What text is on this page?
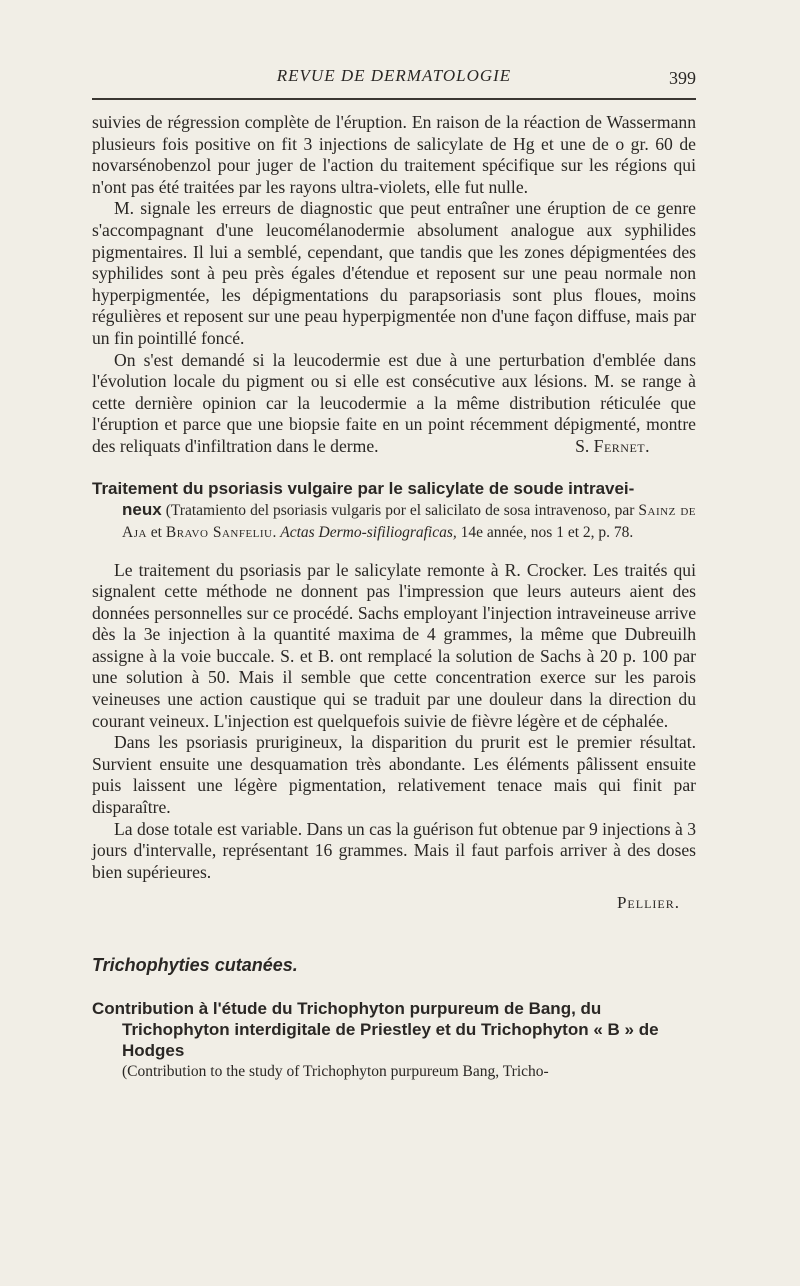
REVUE DE DERMATOLOGIE	399

suivies de régression complète de l'éruption. En raison de la réaction de Wassermann plusieurs fois positive on fit 3 injections de salicylate de Hg et une de o gr. 60 de novarsénobenzol pour juger de l'action du traitement spécifique sur les régions qui n'ont pas été traitées par les rayons ultra-violets, elle fut nulle.

M. signale les erreurs de diagnostic que peut entraîner une éruption de ce genre s'accompagnant d'une leucomélanodermie absolument analogue aux syphilides pigmentaires. Il lui a semblé, cependant, que tandis que les zones dépigmentées des syphilides sont à peu près égales d'étendue et reposent sur une peau normale non hyperpigmentée, les dépigmentations du parapsoriasis sont plus floues, moins régulières et reposent sur une peau hyperpigmentée non d'une façon diffuse, mais par un fin pointillé foncé.

On s'est demandé si la leucodermie est due à une perturbation d'emblée dans l'évolution locale du pigment ou si elle est consécutive aux lésions. M. se range à cette dernière opinion car la leucodermie a la même distribution réticulée que l'éruption et parce que une biopsie faite en un point récemment dépigmenté, montre des reliquats d'infiltration dans le derme.	S. Fernet.

Traitement du psoriasis vulgaire par le salicylate de soude intravei-
neux (Tratamiento del psoriasis vulgaris por el salicilato de sosa intravenoso, par Sainz de Aja et Bravo Sanfeliu. Actas Dermo-sifiliograficas, 14e année, nos 1 et 2, p. 78.

Le traitement du psoriasis par le salicylate remonte à R. Crocker. Les traités qui signalent cette méthode ne donnent pas l'impression que leurs auteurs aient des données personnelles sur ce procédé. Sachs employant l'injection intraveineuse arrive dès la 3e injection à la quantité maxima de 4 grammes, la même que Dubreuilh assigne à la voie buccale. S. et B. ont remplacé la solution de Sachs à 20 p. 100 par une solution à 50. Mais il semble que cette concentration exerce sur les parois veineuses une action caustique qui se traduit par une douleur dans la direction du courant veineux. L'injection est quelquefois suivie de fièvre légère et de céphalée.

Dans les psoriasis prurigineux, la disparition du prurit est le premier résultat. Survient ensuite une desquamation très abondante. Les éléments pâlissent ensuite puis laissent une légère pigmentation, relativement tenace mais qui finit par disparaître.

La dose totale est variable. Dans un cas la guérison fut obtenue par 9 injections à 3 jours d'intervalle, représentant 16 grammes. Mais il faut parfois arriver à des doses bien supérieures.

Pellier.
Trichophyties cutanées.
Contribution à l'étude du Trichophyton purpureum de Bang, du Trichophyton interdigitale de Priestley et du Trichophyton « B » de Hodges
(Contribution to the study of Trichophyton purpureum Bang, Tricho-
